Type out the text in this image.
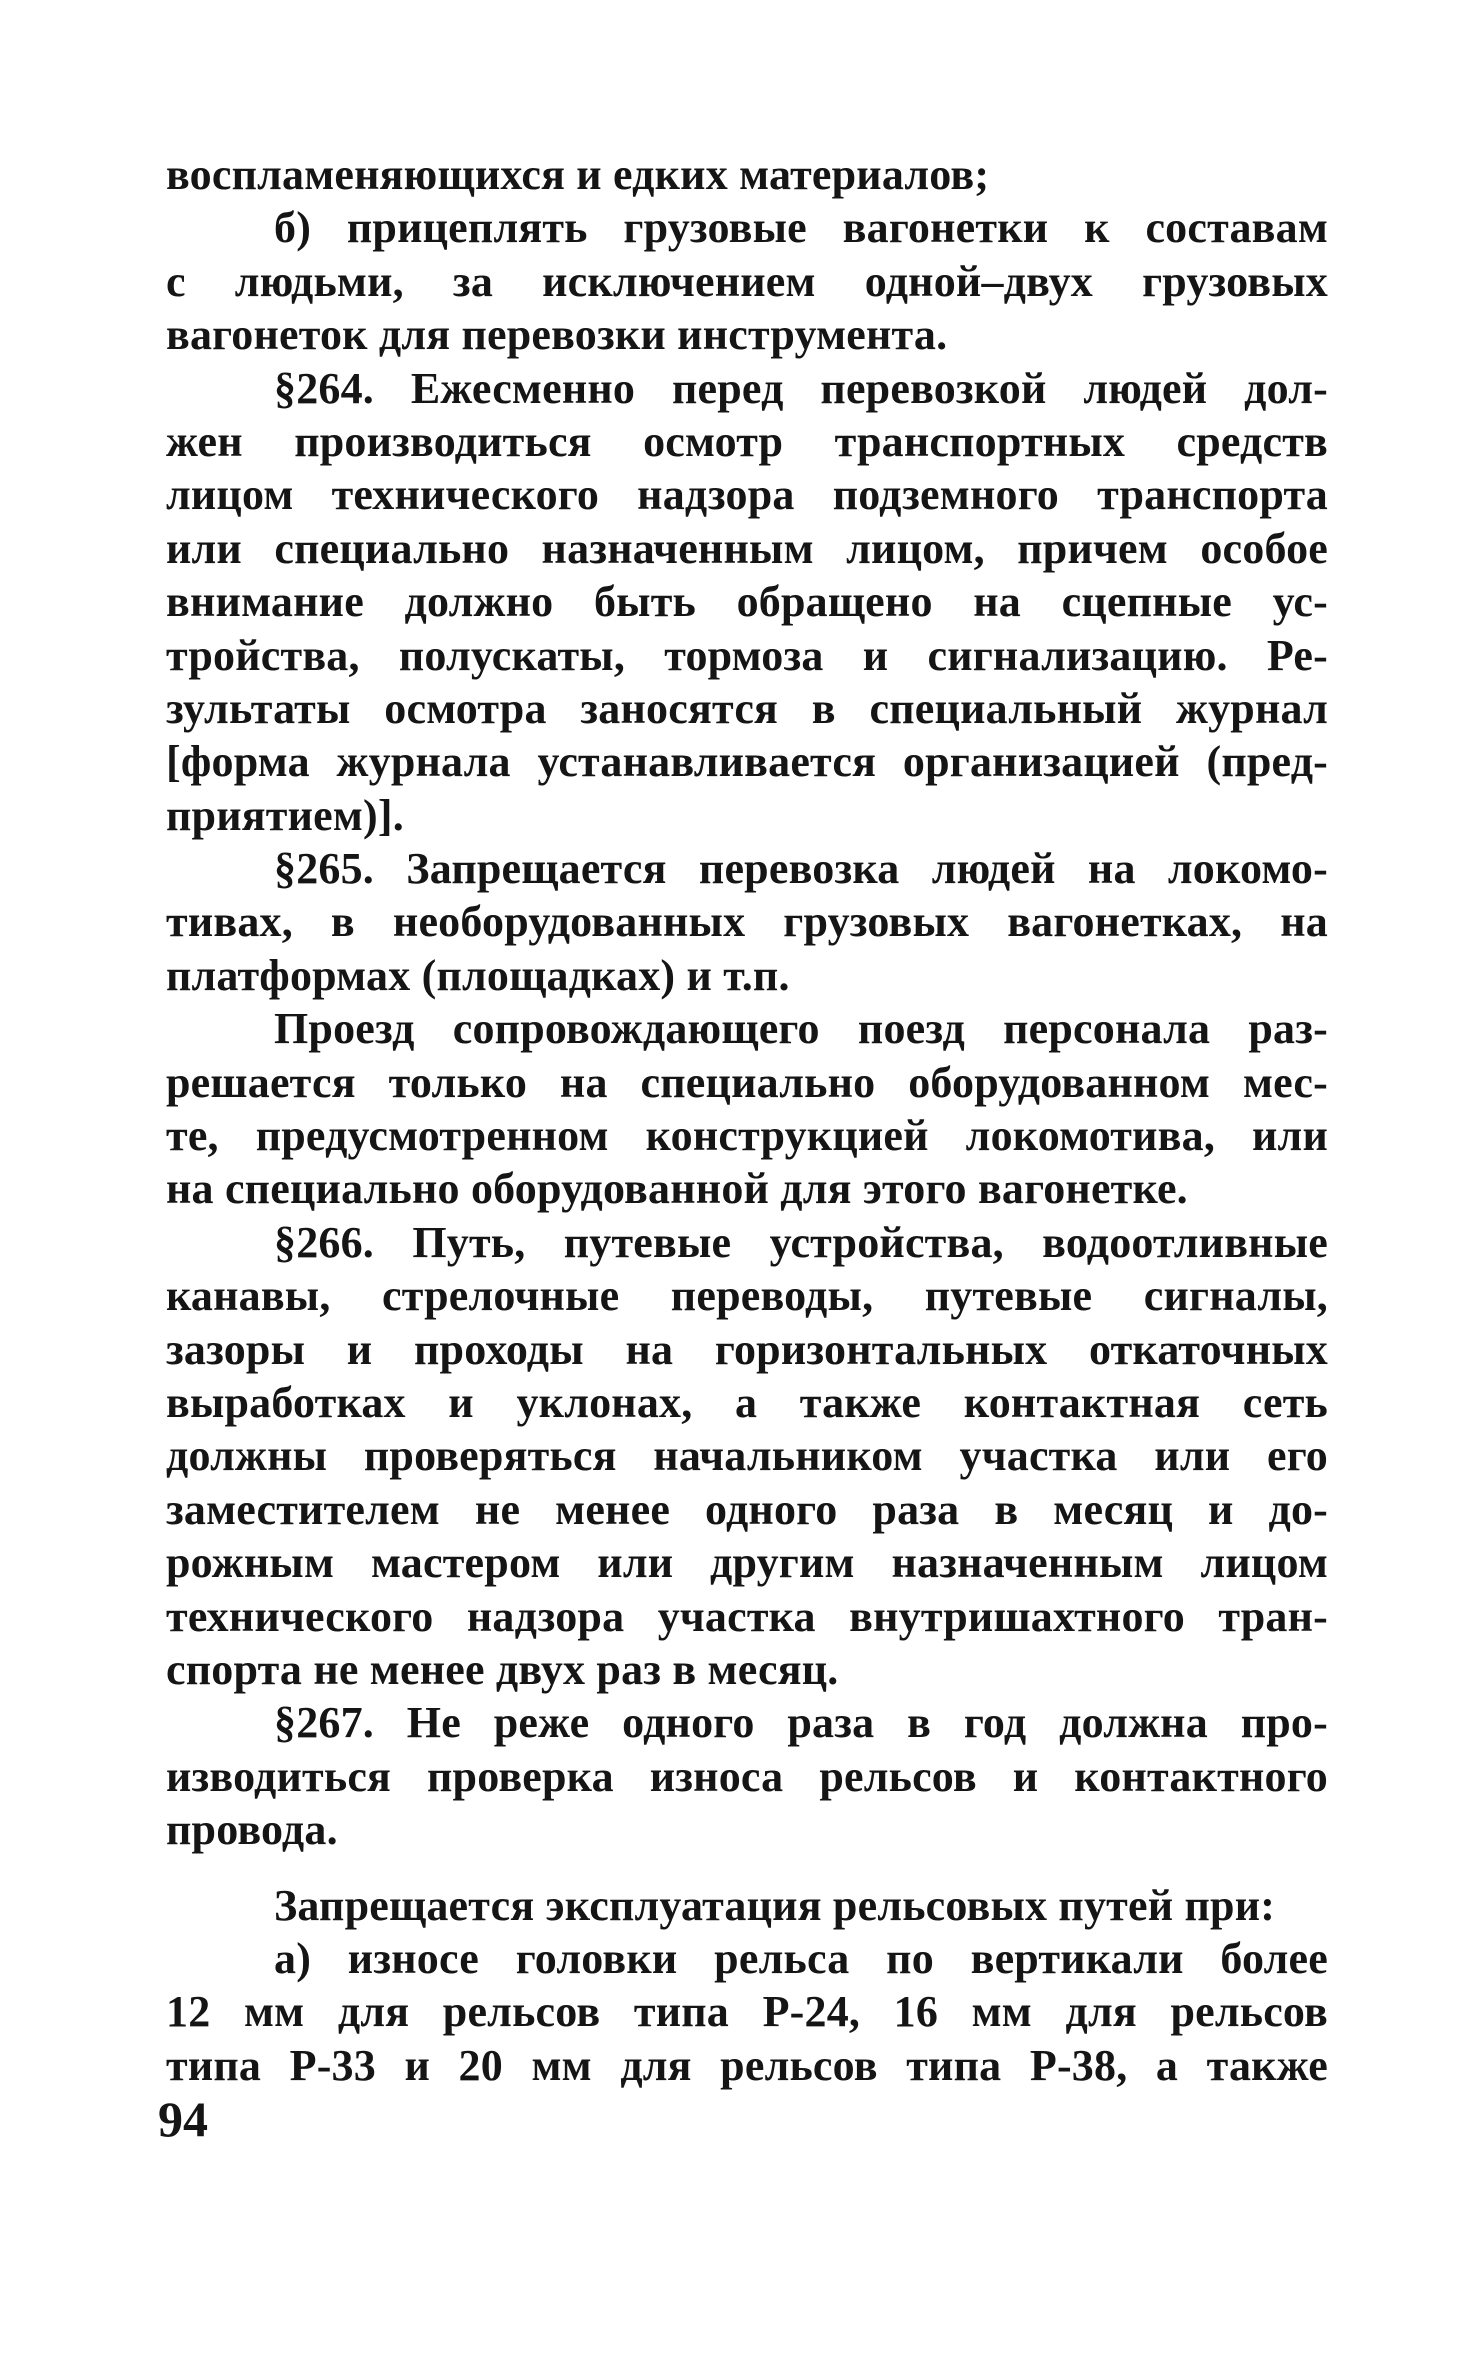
воспламеняющихся и едких материалов;
б) прицеплять грузовые вагонетки к составам
с людьми, за исключением одной–двух грузовых
вагонеток для перевозки инструмента.
§264. Ежесменно перед перевозкой людей дол-
жен производиться осмотр транспортных средств
лицом технического надзора подземного транспорта
или специально назначенным лицом, причем особое
внимание должно быть обращено на сцепные ус-
тройства, полускаты, тормоза и сигнализацию. Ре-
зультаты осмотра заносятся в специальный журнал
[форма журнала устанавливается организацией (пред-
приятием)].
§265. Запрещается перевозка людей на локомо-
тивах, в необорудованных грузовых вагонетках, на
платформах (площадках) и т.п.
Проезд сопровождающего поезд персонала раз-
решается только на специально оборудованном мес-
те, предусмотренном конструкцией локомотива, или
на специально оборудованной для этого вагонетке.
§266. Путь, путевые устройства, водоотливные
канавы, стрелочные переводы, путевые сигналы,
зазоры и проходы на горизонтальных откаточных
выработках и уклонах, а также контактная сеть
должны проверяться начальником участка или его
заместителем не менее одного раза в месяц и до-
рожным мастером или другим назначенным лицом
технического надзора участка внутришахтного тран-
спорта не менее двух раз в месяц.
§267. Не реже одного раза в год должна про-
изводиться проверка износа рельсов и контактного
провода.
Запрещается эксплуатация рельсовых путей при:
а) износе головки рельса по вертикали более
12 мм для рельсов типа Р-24, 16 мм для рельсов
типа Р-33 и 20 мм для рельсов типа Р-38, а также
94
